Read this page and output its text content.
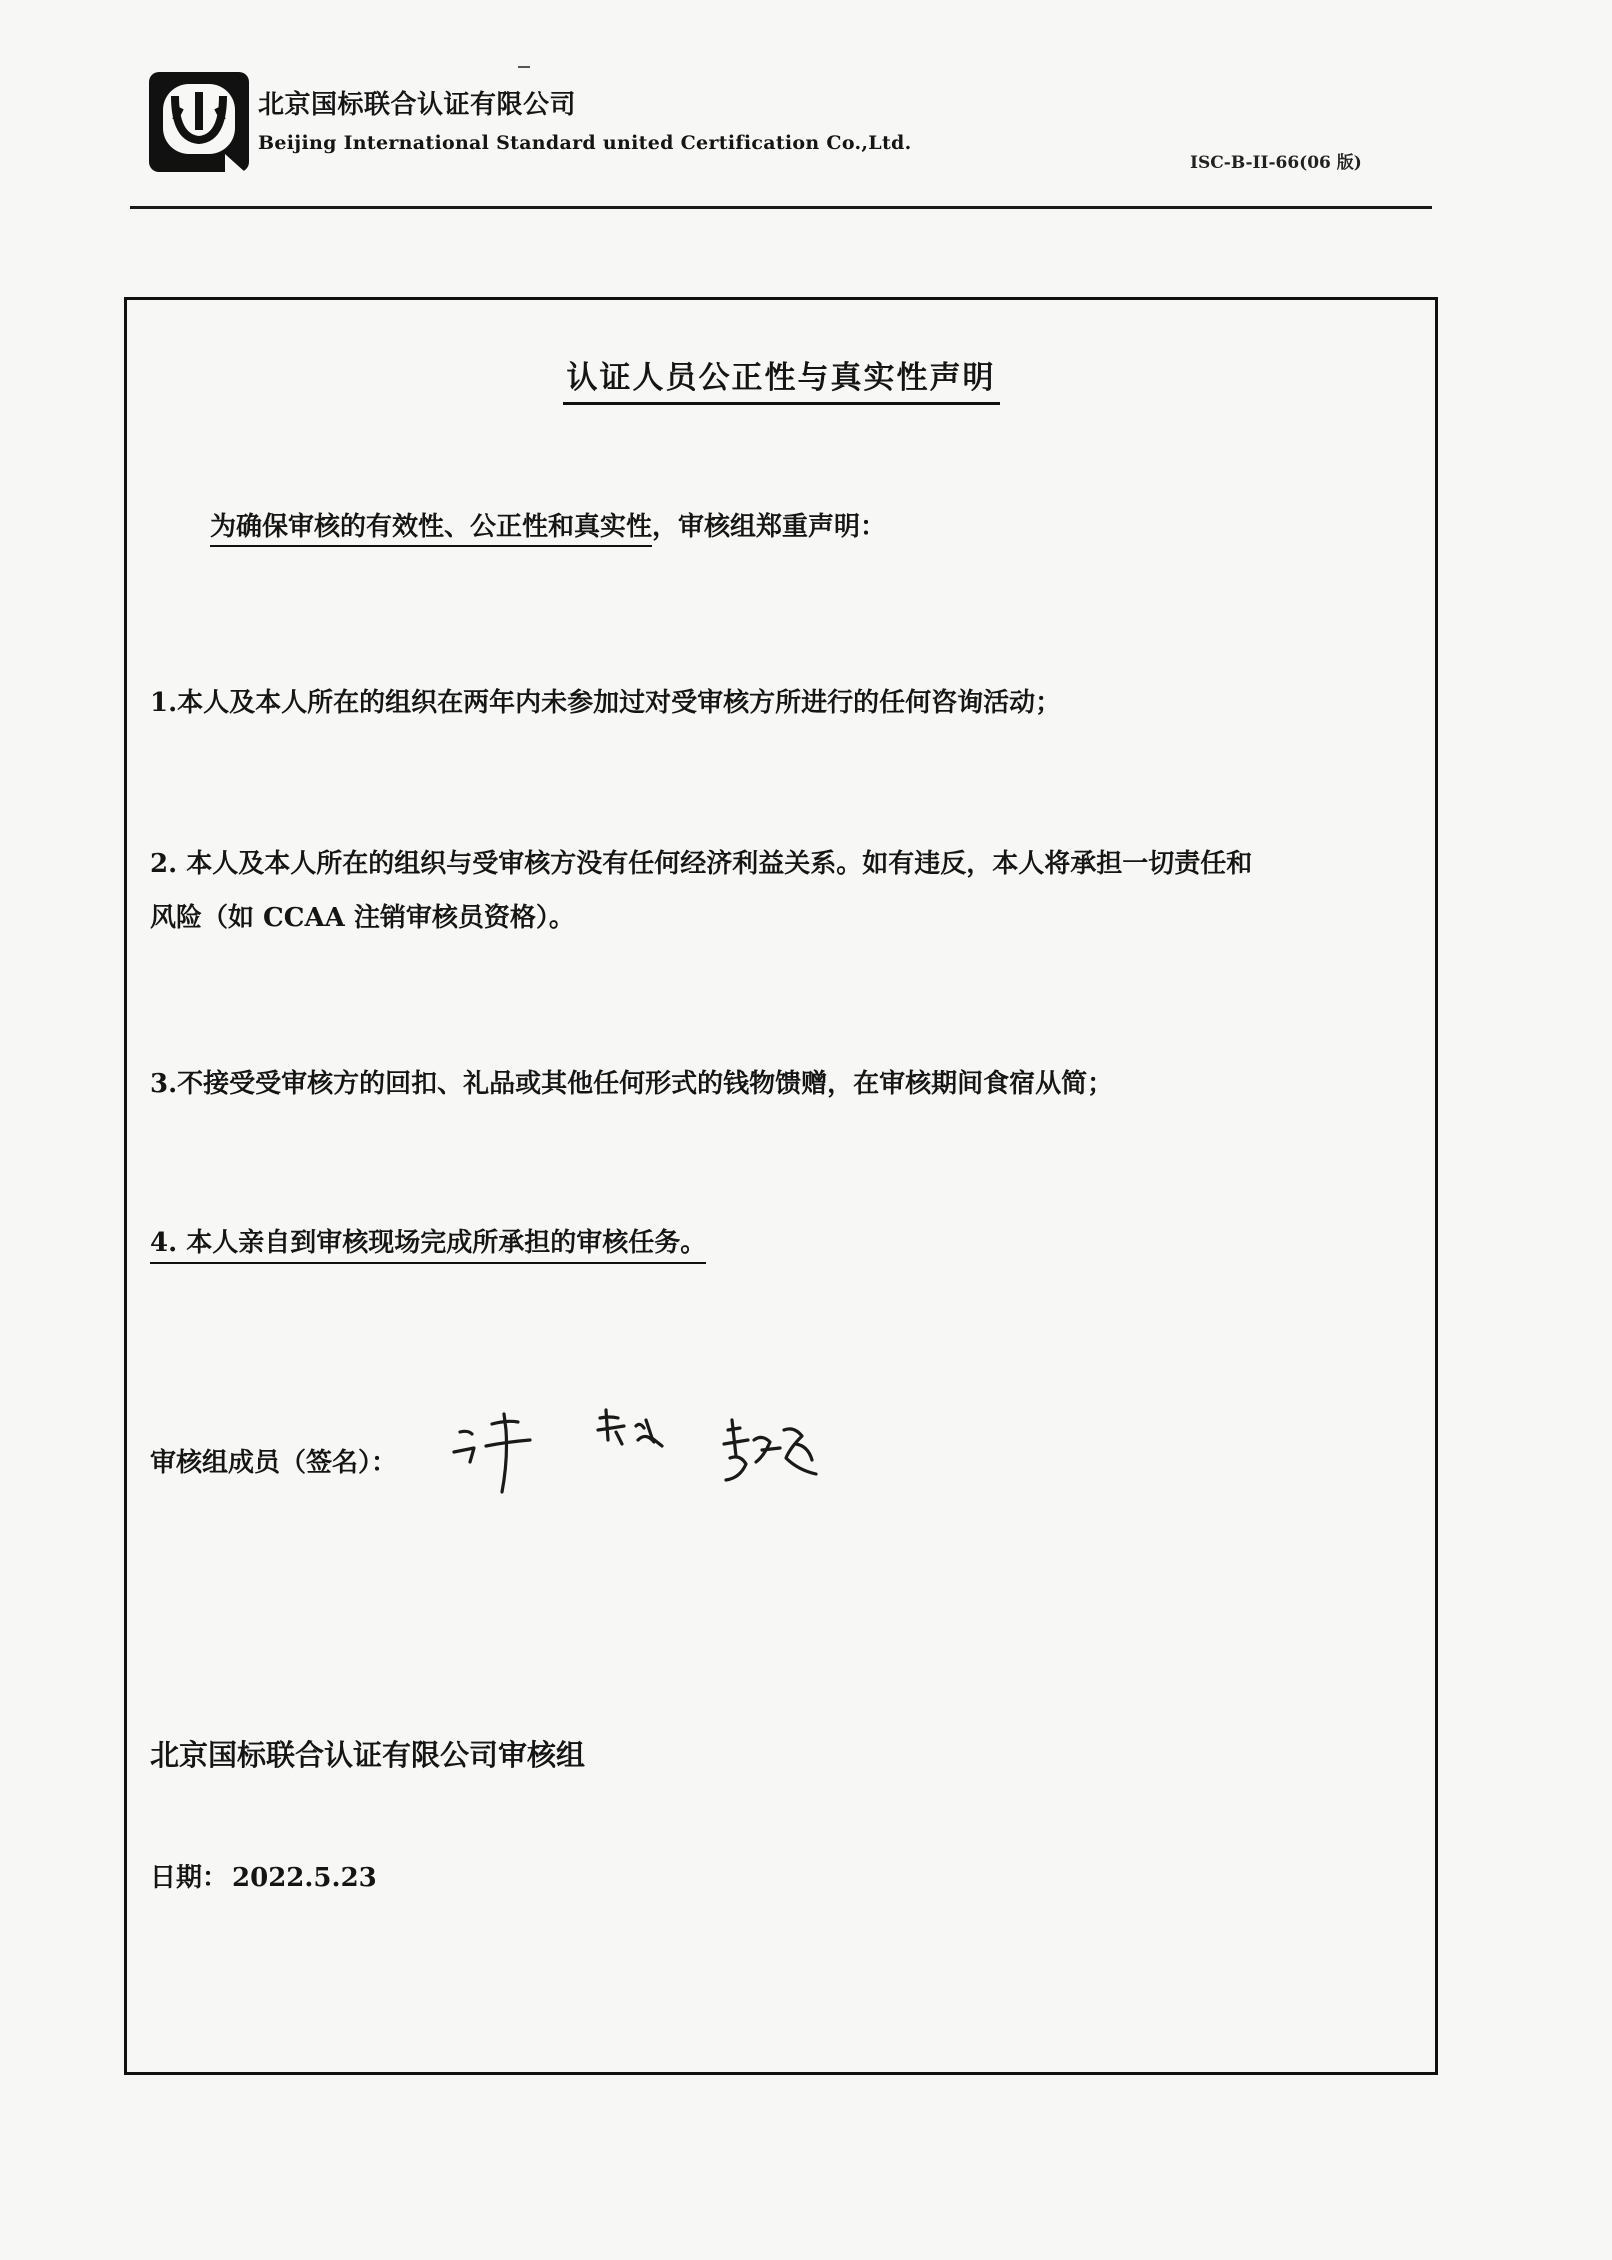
北京国标联合认证有限公司
Beijing International Standard united Certification Co.,Ltd.
ISC-B-II-66(06 版)
认证人员公正性与真实性声明
为确保审核的有效性、公正性和真实性，审核组郑重声明：
1.本人及本人所在的组织在两年内未参加过对受审核方所进行的任何咨询活动；
2. 本人及本人所在的组织与受审核方没有任何经济利益关系。如有违反，本人将承担一切责任和
风险（如 CCAA 注销审核员资格）。
3.不接受受审核方的回扣、礼品或其他任何形式的钱物馈赠，在审核期间食宿从简；
4. 本人亲自到审核现场完成所承担的审核任务。
审核组成员（签名）：
北京国标联合认证有限公司审核组
日期： 2022.5.23
